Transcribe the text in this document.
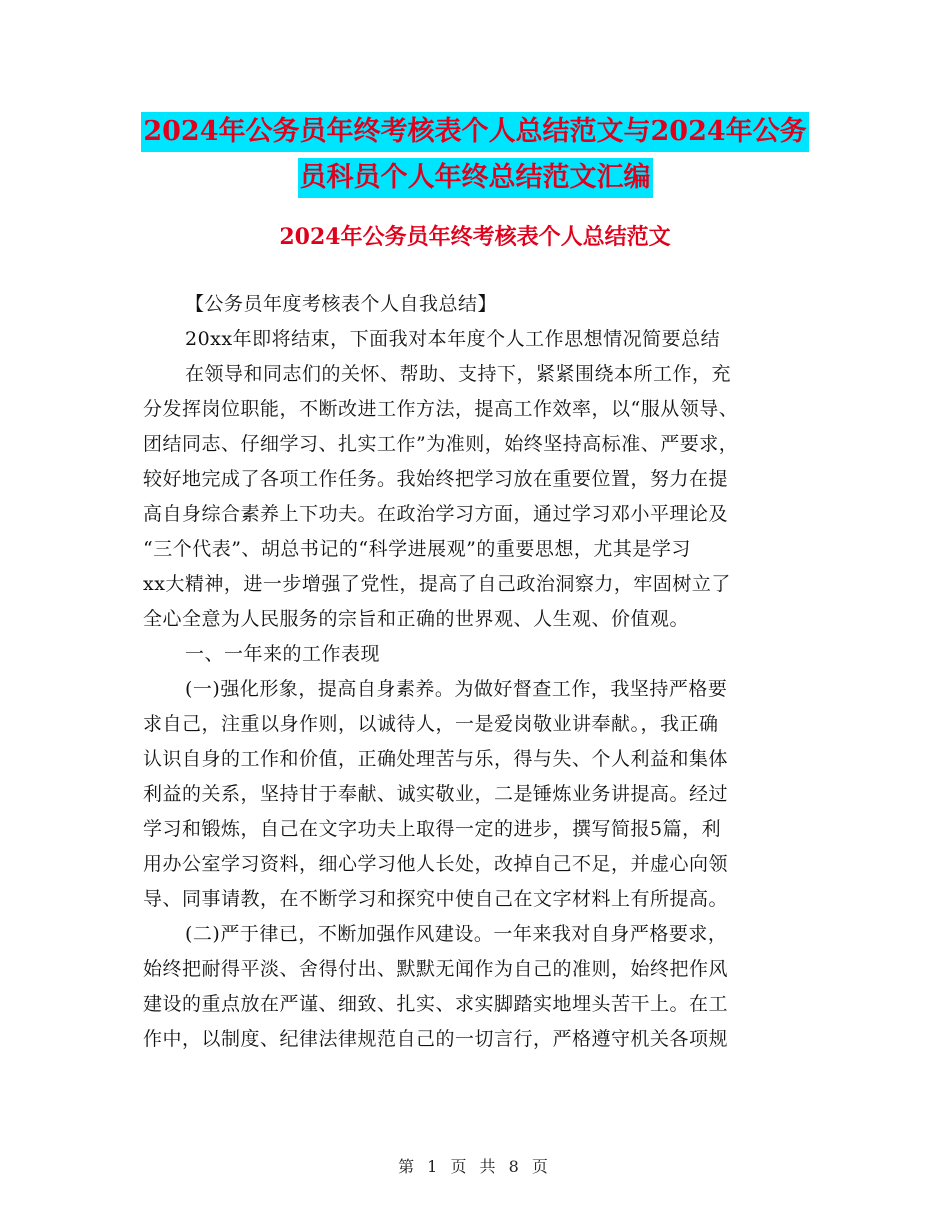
2024年公务员年终考核表个人总结范文与2024年公务
员科员个人年终总结范文汇编
2024年公务员年终考核表个人总结范文
【公务员年度考核表个人自我总结】
20xx年即将结束，下面我对本年度个人工作思想情况简要总结
在领导和同志们的关怀、帮助、支持下，紧紧围绕本所工作，充
分发挥岗位职能，不断改进工作方法，提高工作效率，以“服从领导、
团结同志、仔细学习、扎实工作”为准则，始终坚持高标准、严要求，
较好地完成了各项工作任务。我始终把学习放在重要位置，努力在提
高自身综合素养上下功夫。在政治学习方面，通过学习邓小平理论及
“三个代表”、胡总书记的“科学进展观”的重要思想，尤其是学习
xx大精神，进一步增强了党性，提高了自己政治洞察力，牢固树立了
全心全意为人民服务的宗旨和正确的世界观、人生观、价值观。
一、一年来的工作表现
(一)强化形象，提高自身素养。为做好督查工作，我坚持严格要
求自己，注重以身作则，以诚待人，一是爱岗敬业讲奉献。，我正确
认识自身的工作和价值，正确处理苦与乐，得与失、个人利益和集体
利益的关系，坚持甘于奉献、诚实敬业，二是锤炼业务讲提高。经过
学习和锻炼，自己在文字功夫上取得一定的进步，撰写简报5篇，利
用办公室学习资料，细心学习他人长处，改掉自己不足，并虚心向领
导、同事请教，在不断学习和探究中使自己在文字材料上有所提高。
(二)严于律已，不断加强作风建设。一年来我对自身严格要求，
始终把耐得平淡、舍得付出、默默无闻作为自己的准则，始终把作风
建设的重点放在严谨、细致、扎实、求实脚踏实地埋头苦干上。在工
作中，以制度、纪律法律规范自己的一切言行，严格遵守机关各项规
第 1 页 共 8 页
